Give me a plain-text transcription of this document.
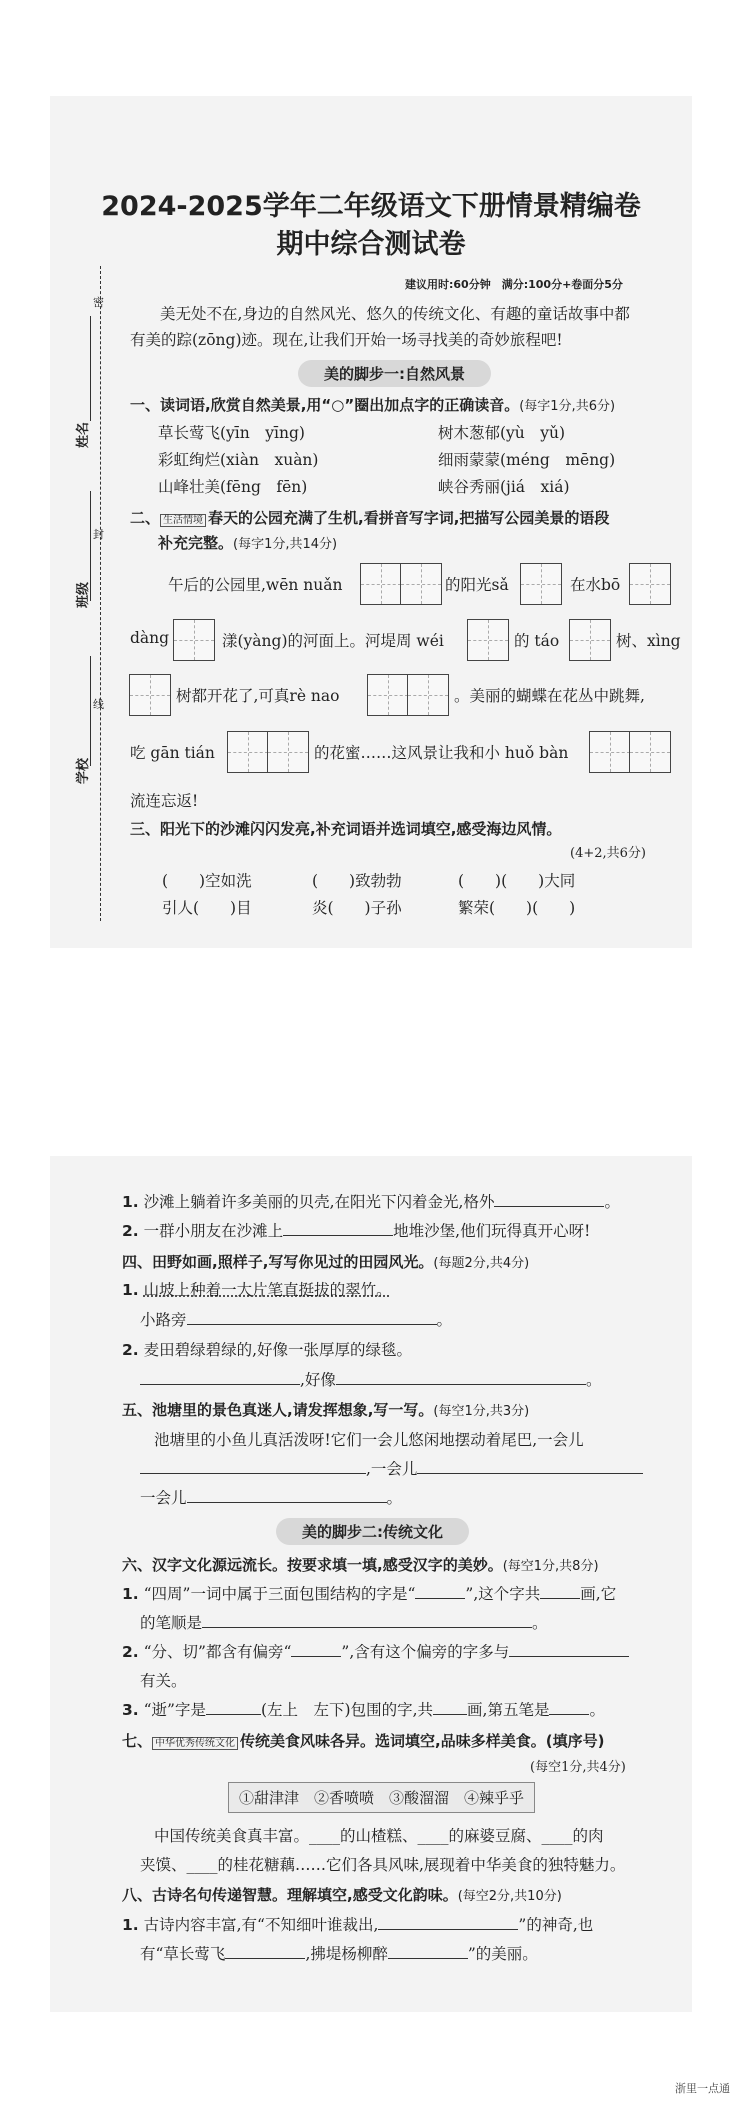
密
封
线
姓名
班级
学校
2024-2025学年二年级语文下册情景精编卷
期中综合测试卷
建议用时:60分钟　满分:100分+卷面分5分
美无处不在,身边的自然风光、悠久的传统文化、有趣的童话故事中都
有美的踪(zōng)迹。现在,让我们开始一场寻找美的奇妙旅程吧!
美的脚步一:自然风景
一、读词语,欣赏自然美景,用“○”圈出加点字的正确读音。(每字1分,共6分)
草长莺飞(yīn　yīng)	树木葱郁(yù　yǔ)
彩虹绚烂(xiàn　xuàn)	细雨蒙蒙(méng　mēng)
山峰壮美(fēng　fēn)	峡谷秀丽(jiá　xiá)
二、 生活情境 春天的公园充满了生机,看拼音写字词,把描写公园美景的语段
补充完整。(每字1分,共14分)
午后的公园里,wēn nuǎn	的阳光sǎ	在水bō
dàng	漾(yàng)的河面上。河堤周 wéi	的 táo	树、xìng
树都开花了,可真rè nao	。美丽的蝴蝶在花丛中跳舞,
吃 gān tián	的花蜜……这风景让我和小 huǒ bàn
流连忘返!
三、阳光下的沙滩闪闪发亮,补充词语并选词填空,感受海边风情。
(4+2,共6分)
(　　)空如洗	(　　)致勃勃	(　　)(　　)大同
引人(　　)目	炎(　　)子孙	繁荣(　　)(　　)
1. 沙滩上躺着许多美丽的贝壳,在阳光下闪着金光,格外	。
2. 一群小朋友在沙滩上	地堆沙堡,他们玩得真开心呀!
四、田野如画,照样子,写写你见过的田园风光。(每题2分,共4分)
1. 山坡上种着一大片笔直挺拔的翠竹。
小路旁	。
2. 麦田碧绿碧绿的,好像一张厚厚的绿毯。
,好像	。
五、池塘里的景色真迷人,请发挥想象,写一写。(每空1分,共3分)
池塘里的小鱼儿真活泼呀!它们一会儿悠闲地摆动着尾巴,一会儿
,一会儿
一会儿	。
美的脚步二:传统文化
六、汉字文化源远流长。按要求填一填,感受汉字的美妙。(每空1分,共8分)
1. “四周”一词中属于三面包围结构的字是“	”,这个字共	画,它
的笔顺是	。
2. “分、切”都含有偏旁“	”,含有这个偏旁的字多与
有关。
3. “逝”字是	(左上　左下)包围的字,共 画,第五笔是	。
七、 中华优秀传统文化 传统美食风味各异。选词填空,品味多样美食。(填序号)
(每空1分,共4分)
①甜津津　②香喷喷　③酸溜溜　④辣乎乎
中国传统美食真丰富。____的山楂糕、____的麻婆豆腐、____的肉
夹馍、____的桂花糖藕……它们各具风味,展现着中华美食的独特魅力。
八、古诗名句传递智慧。理解填空,感受文化韵味。(每空2分,共10分)
1. 古诗内容丰富,有“不知细叶谁裁出,	”的神奇,也
有“草长莺飞	,拂堤杨柳醉	”的美丽。
浙里一点通
